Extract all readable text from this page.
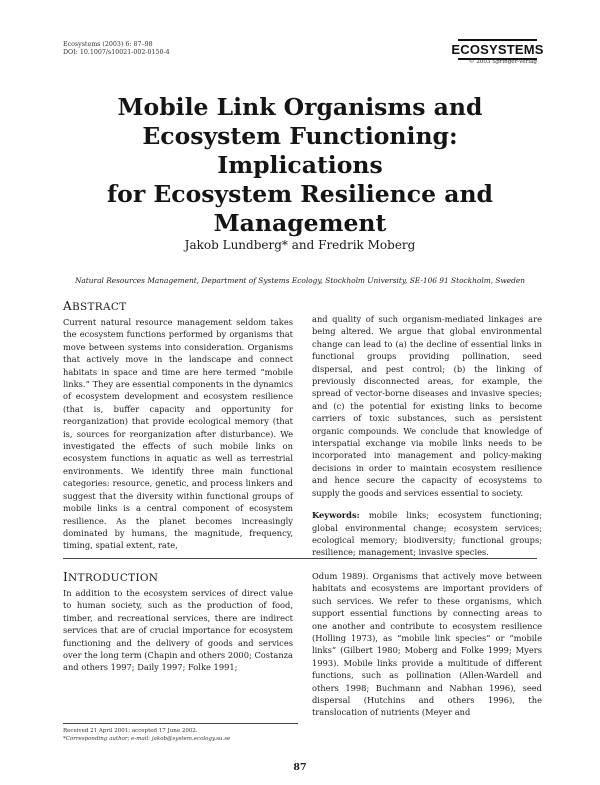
Ecosystems (2003) 6: 87–98
DOI: 10.1007/s10021-002-0150-4	ECOSYSTEMS
© 2003 Springer-Verlag
Mobile Link Organisms and
Ecosystem Functioning: Implications
for Ecosystem Resilience and
Management
Jakob Lundberg* and Fredrik Moberg
Natural Resources Management, Department of Systems Ecology, Stockholm University, SE-106 91 Stockholm, Sweden
ABSTRACT
Current natural resource management seldom takes the ecosystem functions performed by organisms that move between systems into consideration. Organisms that actively move in the landscape and connect habitats in space and time are here termed “mobile links.” They are essential components in the dynamics of ecosystem development and ecosystem resilience (that is, buffer capacity and opportunity for reorganization) that provide ecological memory (that is, sources for reorganization after disturbance). We investigated the effects of such mobile links on ecosystem functions in aquatic as well as terrestrial environments. We identify three main functional categories: resource, genetic, and process linkers and suggest that the diversity within functional groups of mobile links is a central component of ecosystem resilience. As the planet becomes increasingly dominated by humans, the magnitude, frequency, timing, spatial extent, rate,
and quality of such organism-mediated linkages are being altered. We argue that global environmental change can lead to (a) the decline of essential links in functional groups providing pollination, seed dispersal, and pest control; (b) the linking of previously disconnected areas, for example, the spread of vector-borne diseases and invasive species; and (c) the potential for existing links to become carriers of toxic substances, such as persistent organic compounds. We conclude that knowledge of interspatial exchange via mobile links needs to be incorporated into management and policy-making decisions in order to maintain ecosystem resilience and hence secure the capacity of ecosystems to supply the goods and services essential to society.
Keywords: mobile links; ecosystem functioning; global environmental change; ecosystem services; ecological memory; biodiversity; functional groups; resilience; management; invasive species.
INTRODUCTION
In addition to the ecosystem services of direct value to human society, such as the production of food, timber, and recreational services, there are indirect services that are of crucial importance for ecosystem functioning and the delivery of goods and services over the long term (Chapin and others 2000; Costanza and others 1997; Daily 1997; Folke 1991;
Odum 1989). Organisms that actively move between habitats and ecosystems are important providers of such services. We refer to these organisms, which support essential functions by connecting areas to one another and contribute to ecosystem resilience (Holling 1973), as “mobile link species” or “mobile links” (Gilbert 1980; Moberg and Folke 1999; Myers 1993). Mobile links provide a multitude of different functions, such as pollination (Allen-Wardell and others 1998; Buchmann and Nabhan 1996), seed dispersal (Hutchins and others 1996), the translocation of nutrients (Meyer and
Received 21 April 2001; accepted 17 June 2002.
*Corresponding author; e-mail: jakob@system.ecology.su.se
87
